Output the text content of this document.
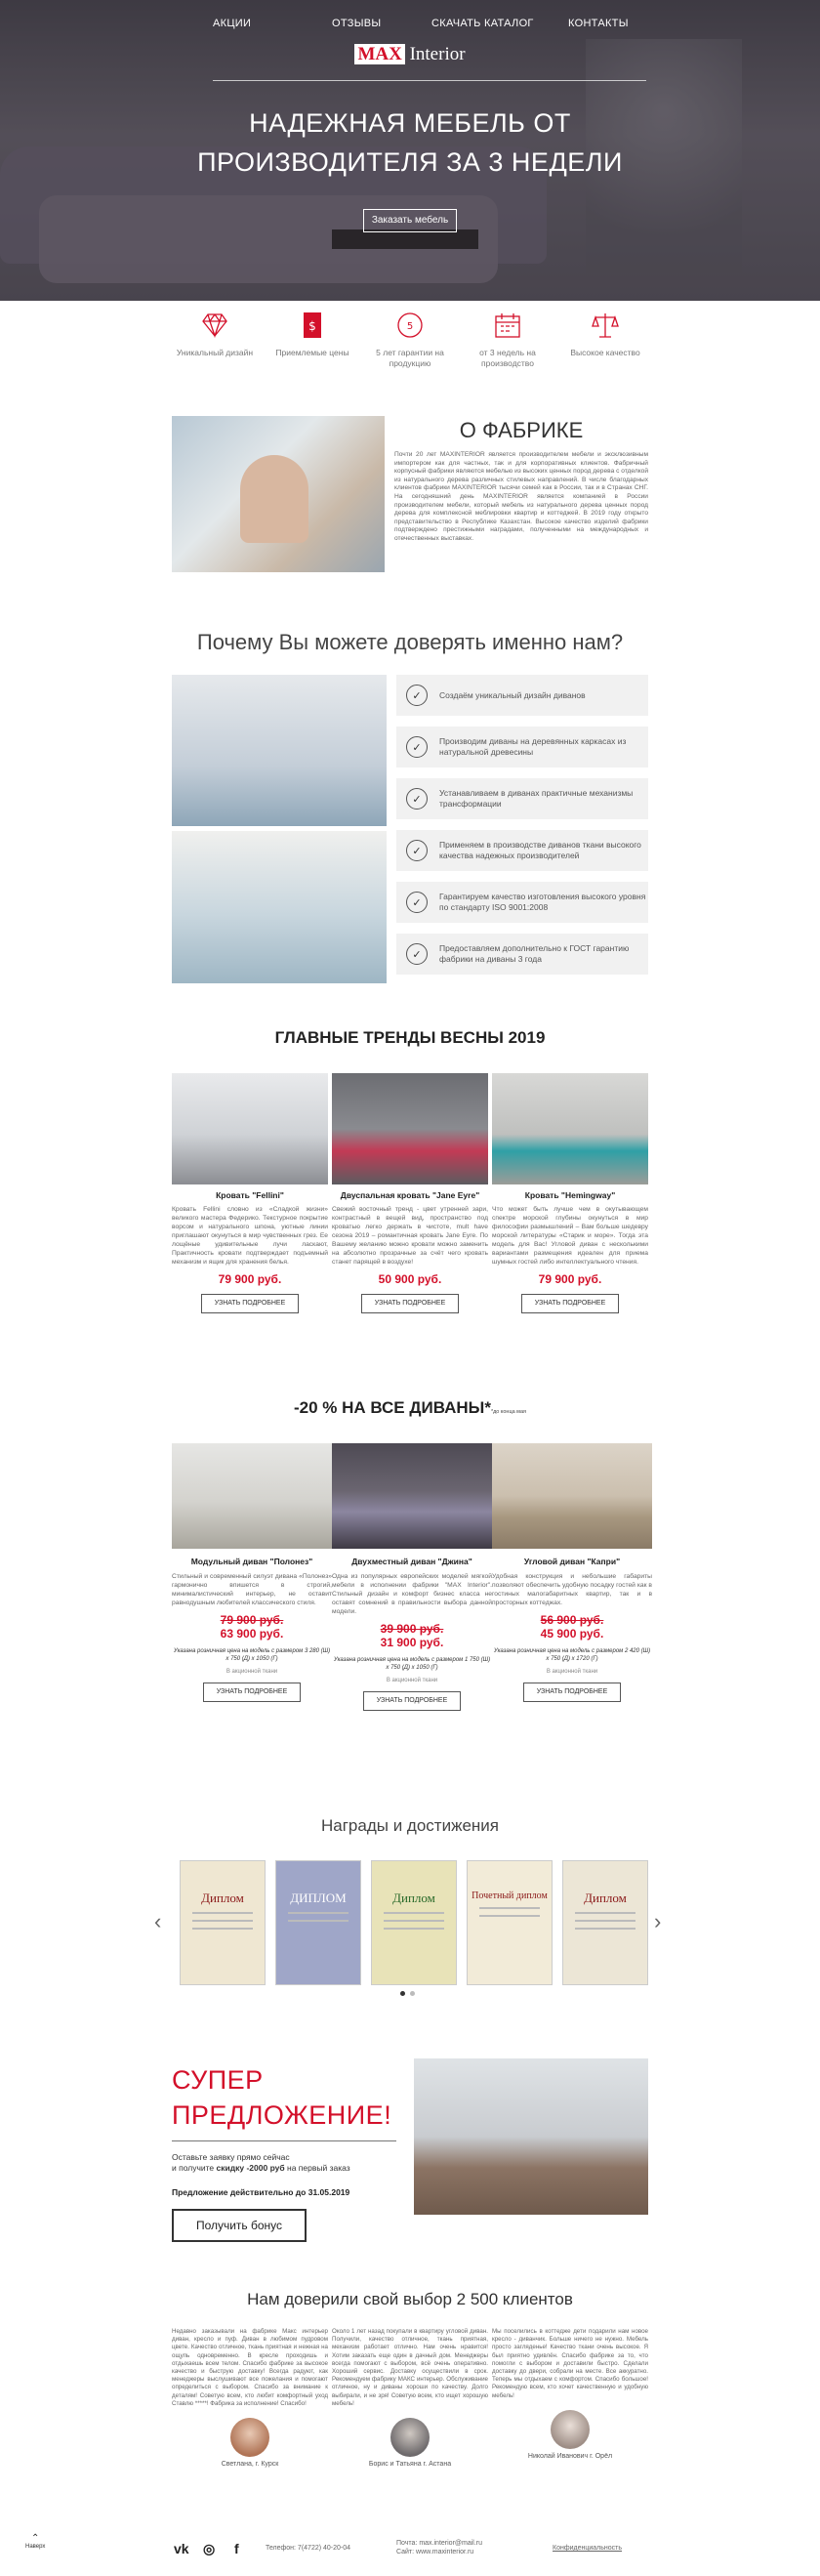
АКЦИИ	ОТЗЫВЫ	СКАЧАТЬ КАТАЛОГ	КОНТАКТЫ
MAX Interior
НАДЕЖНАЯ МЕБЕЛЬ ОТ
ПРОИЗВОДИТЕЛЯ ЗА 3 НЕДЕЛИ
Заказать мебель
Уникальный дизайн
$
Приемлемые цены
5
5 лет гарантии на продукцию
от 3 недель на производство
Высокое качество
О ФАБРИКЕ
Почти 20 лет MAXINTERIOR является производителем мебели и эксклюзивным импортером как для частных, так и для корпоративных клиентов. Фабричный корпусный фабрики являются мебелью из высоких ценных пород дерева с отделкой из натурального дерева различных стилевых направлений. В числе благодарных клиентов фабрики MAXINTERIOR тысячи семей как в России, так и в Странах СНГ. На сегодняшний день MAXINTERIOR является компанией в России производителем мебели, который мебель из натурального дерева ценных пород дерева для комплексной меблировки квартир и коттеджей. В 2019 году открыто представительство в Республике Казахстан. Высокое качество изделий фабрики подтверждено престижными наградами, полученными на международных и отечественных выставках.
Почему Вы можете доверять именно нам?
✓	Создаём уникальный дизайн диванов
✓
Производим диваны на деревянных каркасах из натуральной древесины
✓
Устанавливаем в диванах практичные механизмы трансформации
✓
Применяем в производстве диванов ткани высокого качества надежных производителей
✓
Гарантируем качество изготовления высокого уровня по стандарту ISO 9001:2008
✓
Предоставляем дополнительно к ГОСТ гарантию фабрики на диваны 3 года
ГЛАВНЫЕ ТРЕНДЫ ВЕСНЫ 2019
Кровать "Fellini"
Кровать Fellini словно из «Сладкой жизни» великого мастера Федерико. Текстурное покрытие ворсом и натурального шпона, уютные линии приглашают окунуться в мир чувственных грез. Ее лощёные удивительные лучи ласкают, Практичность кровати подтверждает подъемный механизм и ящик для хранения белья.
79 900 руб.
УЗНАТЬ ПОДРОБНЕЕ
Двуспальная кровать "Jane Eyre"
Свежий восточный тренд - цвет утренней зари, контрастный в вещей вид, пространство под кроватью легко держать в чистоте, mult have сезона 2019 – романтичная кровать Jane Eyre. По Вашему желанию можно кровати можно заменить на абсолютно прозрачные за счёт чего кровать станет парящей в воздухе!
50 900 руб.
УЗНАТЬ ПОДРОБНЕЕ
Кровать "Hemingway"
Что может быть лучше чем в окутывающем спектре морской глубины окунуться в мир философии размышлений – Вам больше шедевру морской литературы «Старик и море». Тогда эта модель для Вас! Угловой диван с несколькими вариантами размещения идеален для приема шумных гостей либо интеллектуального чтения.
79 900 руб.
УЗНАТЬ ПОДРОБНЕЕ
-20 % НА ВСЕ ДИВАНЫ**до конца мая
Модульный диван "Полонез"
Стильный и современный силуэт дивана «Полонез» гармонично впишется в строгий, минималистический интерьер, не оставит равнодушным любителей классического стиля.
79 900 руб.
63 900 руб.
Указана розничная цена на модель с размером 3 280 (Ш) x 750 (Д) x 1050 (Г)
В акционной ткани
УЗНАТЬ ПОДРОБНЕЕ
Двухместный диван "Джина"
Одна из популярных европейских моделей мягкой мебели в исполнении фабрики "MAX Interior". Стильный дизайн и комфорт бизнес класса не оставят сомнений в правильности выбора данной модели.
39 900 руб.
31 900 руб.
Указана розничная цена на модель с размером 1 750 (Ш) x 750 (Д) x 1050 (Г)
В акционной ткани
УЗНАТЬ ПОДРОБНЕЕ
Угловой диван "Капри"
Удобная конструкция и небольшие габариты позволяют обеспечить удобную посадку гостей как в гостиных малогабаритных квартир, так и в просторных коттеджах.
56 900 руб.
45 900 руб.
Указана розничная цена на модель с размером 2 420 (Ш) x 750 (Д) x 1720 (Г)
В акционной ткани
УЗНАТЬ ПОДРОБНЕЕ
Награды и достижения
‹
Диплом	ДИПЛОМ	Диплом	Почетный диплом	Диплом
›
СУПЕР
ПРЕДЛОЖЕНИЕ!
Оставьте заявку прямо сейчас
и получите скидку -2000 руб на первый заказ
Предложение действительно до 31.05.2019
Получить бонус
Нам доверили свой выбор 2 500 клиентов
Недавно заказывали на фабрике Макс интерьер диван, кресло и пуф. Диван в любимом пудровом цвете. Качество отличное, ткань приятная и нежная на ощупь одновременно. В кресле проходишь и отдыхаешь всем телом. Спасибо фабрике за высокое качество и быструю доставку! Всегда радуют, как менеджеры выслушивают все пожелания и помогают определиться с выбором. Спасибо за внимание к деталям! Советую всем, кто любит комфортный уход Ставлю *****! Фабрика за исполнение! Спасибо!
Светлана, г. Курск
Около 1 лет назад покупали в квартиру угловой диван. Получили, качество отличное, ткань приятная, механизм работает отлично. Нам очень нравится! Хотим заказать еще один в дачный дом. Менеджеры всегда помогают с выбором, всё очень оперативно. Хороший сервис. Доставку осуществили в срок. Рекомендуем фабрику МАКС интерьер. Обслуживание отличное, ну и диваны хороши по качеству. Долго выбирали, и не зря! Советую всем, кто ищет хорошую мебель!
Борис и Татьяна г. Астана
Мы поселились в коттедже дети подарили нам новое кресло - диванчик. Больше ничего не нужно. Мебель просто загляденье! Качество ткани очень высокое. Я был приятно удивлён. Спасибо фабрике за то, что помогли с выбором и доставили быстро. Сделали доставку до двери, собрали на месте. Все аккуратно. Теперь мы отдыхаем с комфортом. Спасибо большое! Рекомендую всем, кто хочет качественную и удобную мебель!
Николай Иванович г. Орёл
⌃
Наверх	vk ◎ f	Телефон: 7(4722) 40-20-04
Почта: max.interior@mail.ru
Сайт: www.maxinterior.ru
Конфиденциальность
